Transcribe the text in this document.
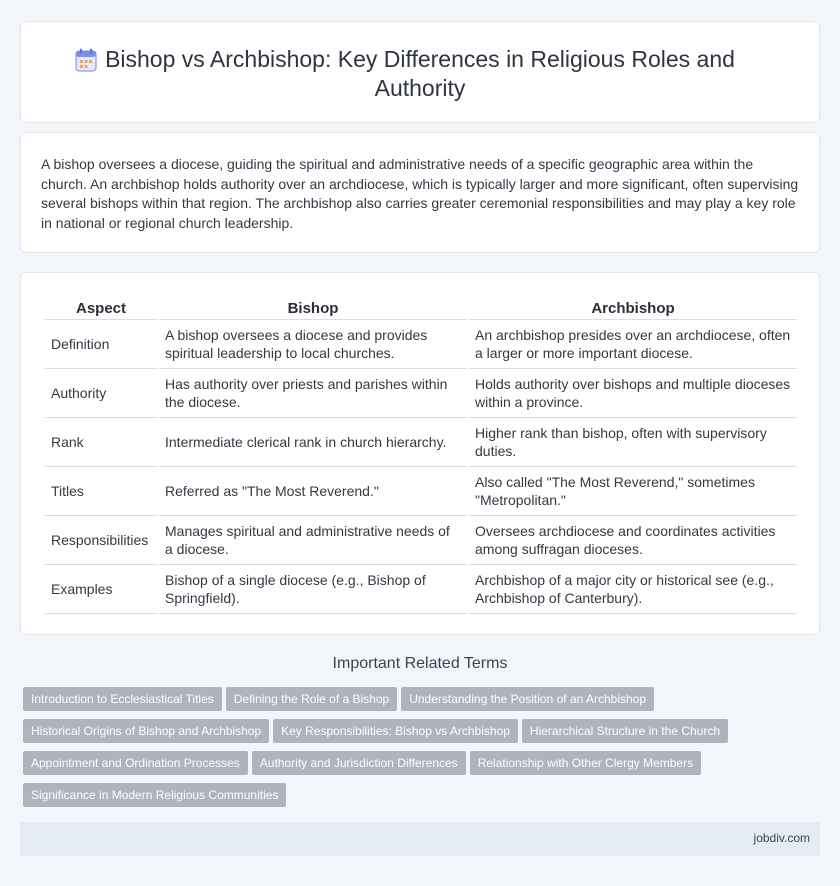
Bishop vs Archbishop: Key Differences in Religious Roles and Authority

A bishop oversees a diocese, guiding the spiritual and administrative needs of a specific geographic area within the church. An archbishop holds authority over an archdiocese, which is typically larger and more significant, often supervising several bishops within that region. The archbishop also carries greater ceremonial responsibilities and may play a key role in national or regional church leadership.

Aspect	Bishop	Archbishop
Definition	A bishop oversees a diocese and provides spiritual leadership to local churches.	An archbishop presides over an archdiocese, often a larger or more important diocese.
Authority	Has authority over priests and parishes within the diocese.	Holds authority over bishops and multiple dioceses within a province.
Rank	Intermediate clerical rank in church hierarchy.	Higher rank than bishop, often with supervisory duties.
Titles	Referred as "The Most Reverend."	Also called "The Most Reverend," sometimes "Metropolitan."
Responsibilities	Manages spiritual and administrative needs of a diocese.	Oversees archdiocese and coordinates activities among suffragan dioceses.
Examples	Bishop of a single diocese (e.g., Bishop of Springfield).	Archbishop of a major city or historical see (e.g., Archbishop of Canterbury).
Important Related Terms
Introduction to Ecclesiastical Titles Defining the Role of a Bishop Understanding the Position of an Archbishop
Historical Origins of Bishop and Archbishop Key Responsibilities: Bishop vs Archbishop Hierarchical Structure in the Church
Appointment and Ordination Processes Authority and Jurisdiction Differences Relationship with Other Clergy Members
Significance in Modern Religious Communities
jobdiv.com
